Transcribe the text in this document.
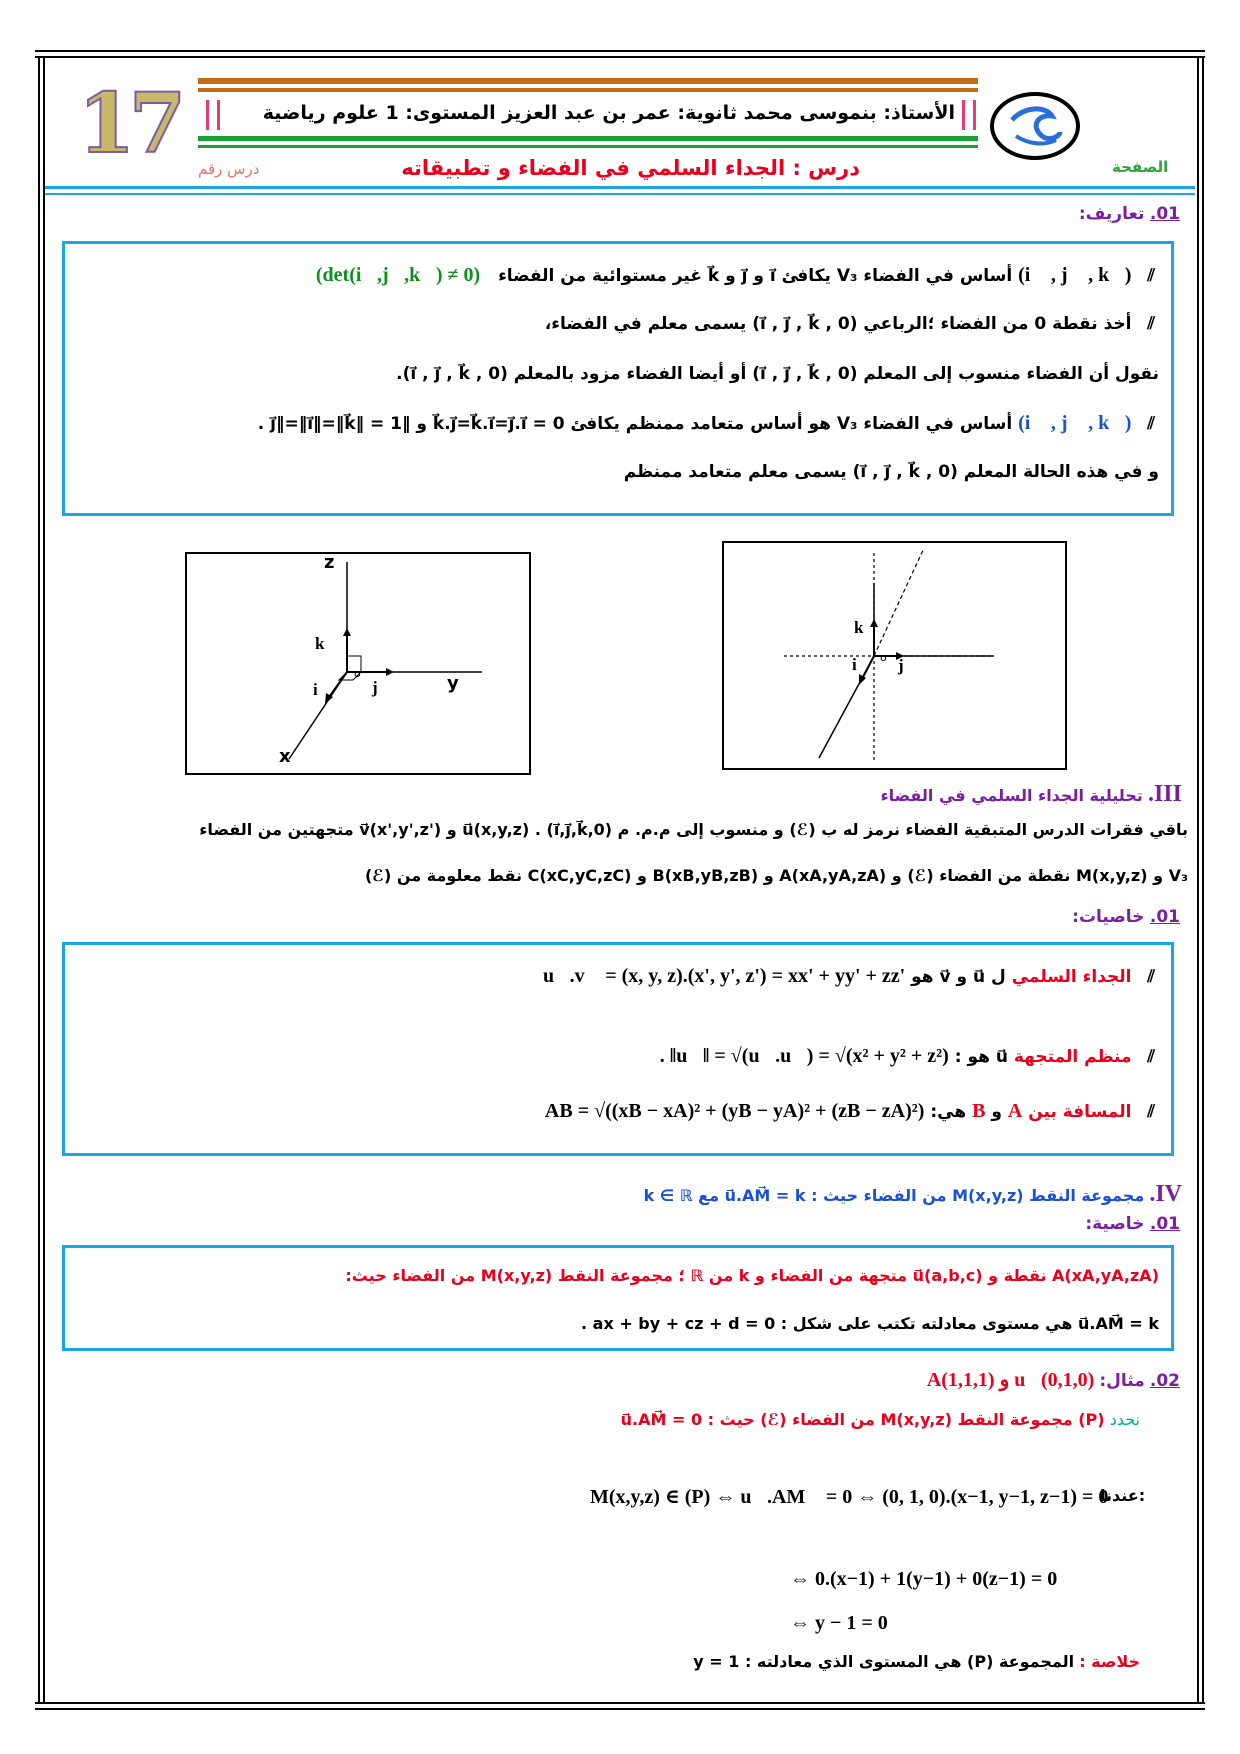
17	الأستاذ: بنموسى محمد ثانوية: عمر بن عبد العزيز المستوى: 1 علوم رياضية
الصفحة
درس رقم	درس : الجداء السلمي في الفضاء و تطبيقاته
01. تعاريف:
⫽ (i⃗ , j⃗ , k⃗) أساس في الفضاء V₃ يكافئ i⃗ و j⃗ و k⃗ غير مستوائية من الفضاء (det(i⃗,j⃗,k⃗) ≠ 0)
⫽ أخذ نقطة 0 من الفضاء ؛الرباعي (0 , i⃗ , j⃗ , k⃗) يسمى معلم في الفضاء،
نقول أن الفضاء منسوب إلى المعلم (0 , i⃗ , j⃗ , k⃗) أو أيضا الفضاء مزود بالمعلم (0 , i⃗ , j⃗ , k⃗).
⫽ (i⃗ , j⃗ , k⃗) أساس في الفضاء V₃ هو أساس متعامد ممنظم يكافئ k⃗.j⃗=k⃗.i⃗=j⃗.i⃗ = 0 و ‖j⃗‖=‖i⃗‖=‖k⃗‖ = 1 .
و في هذه الحالة المعلم (0 , i⃗ , j⃗ , k⃗) يسمى معلم متعامد ممنظم
z
y
x
k⃗
j⃗
i⃗
o
k⃗
j⃗
i⃗ o
III. تحليلية الجداء السلمي في الفضاء
باقي فقرات الدرس المتبقية الفضاء نرمز له ب (ℰ) و منسوب إلى م.م. م (0,i⃗,j⃗,k⃗) . u⃗(x,y,z) و v⃗(x',y',z') متجهتين من الفضاء
V₃ و M(x,y,z) نقطة من الفضاء (ℰ) و A(xA,yA,zA) و B(xB,yB,zB) و C(xC,yC,zC) نقط معلومة من (ℰ)
01. خاصيات:
⫽ الجداء السلمي ل u⃗ و v⃗ هو u⃗.v⃗ = (x, y, z).(x', y', z') = xx' + yy' + zz'
⫽ منظم المتجهة u⃗ هو : . ‖u⃗‖ = √(u⃗.u⃗) = √(x² + y² + z²)
⫽ المسافة بين A و B هي: AB = √((xB − xA)² + (yB − yA)² + (zB − zA)²)
IV. مجموعة النقط M(x,y,z) من الفضاء حيث : u⃗.AM⃗ = k مع k ∈ ℝ
01. خاصية:
A(xA,yA,zA) نقطة و u⃗(a,b,c) متجهة من الفضاء و k من ℝ ؛ مجموعة النقط M(x,y,z) من الفضاء حيث:
u⃗.AM⃗ = k هي مستوى معادلته تكتب على شكل : ax + by + cz + d = 0 .
02. مثال: A(1,1,1) و u⃗(0,1,0)
نحدد (P) مجموعة النقط M(x,y,z) من الفضاء (ℰ) حيث : u⃗.AM⃗ = 0
عندنا:
M(x,y,z) ∈ (P) ⇔ u⃗.AM⃗ = 0 ⇔ (0, 1, 0).(x−1, y−1, z−1) = 0
⇔ 0.(x−1) + 1(y−1) + 0(z−1) = 0
⇔ y − 1 = 0
خلاصة : المجموعة (P) هي المستوى الذي معادلته : y = 1
